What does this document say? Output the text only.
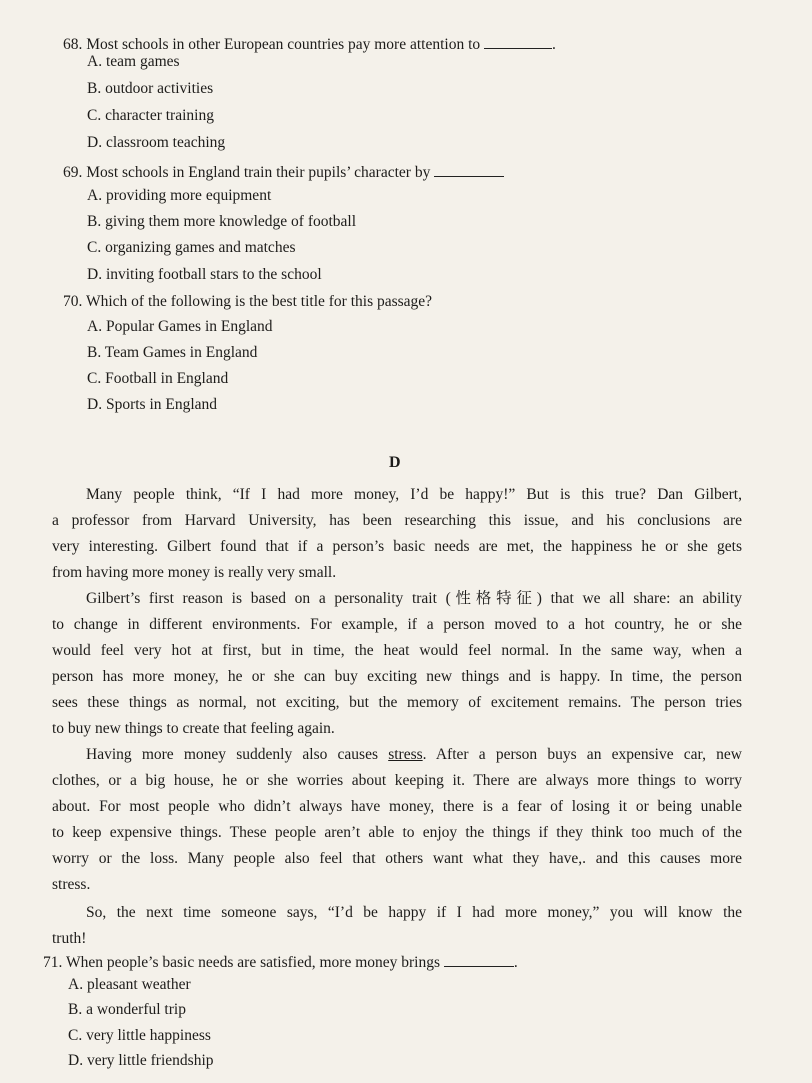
68. Most schools in other European countries pay more attention to	.
A. team games
B. outdoor activities
C. character training
D. classroom teaching
69. Most schools in England train their pupils’ character by
A. providing more equipment
B. giving them more knowledge of football
C. organizing games and matches
D. inviting football stars to the school
70. Which of the following is the best title for this passage?
A. Popular Games in England
B. Team Games in England
C. Football in England
D. Sports in England
D
Many people think, “If I had more money, I’d be happy!” But is this true? Dan Gilbert,
a professor from Harvard University, has been researching this issue, and his conclusions are
very interesting. Gilbert found that if a person’s basic needs are met, the happiness he or she gets
from having more money is really very small.
Gilbert’s first reason is based on a personality trait (性格特征) that we all share: an ability
to change in different environments. For example, if a person moved to a hot country, he or she
would feel very hot at first, but in time, the heat would feel normal. In the same way, when a
person has more money, he or she can buy exciting new things and is happy. In time, the person
sees these things as normal, not exciting, but the memory of excitement remains. The person tries
to buy new things to create that feeling again.
Having more money suddenly also causes stress. After a person buys an expensive car, new
clothes, or a big house, he or she worries about keeping it. There are always more things to worry
about. For most people who didn’t always have money, there is a fear of losing it or being unable
to keep expensive things. These people aren’t able to enjoy the things if they think too much of the
worry or the loss. Many people also feel that others want what they have,. and this causes more
stress.
So, the next time someone says, “I’d be happy if I had more money,” you will know the
truth!
71. When people’s basic needs are satisfied, more money brings	.
A. pleasant weather
B. a wonderful trip
C. very little happiness
D. very little friendship
